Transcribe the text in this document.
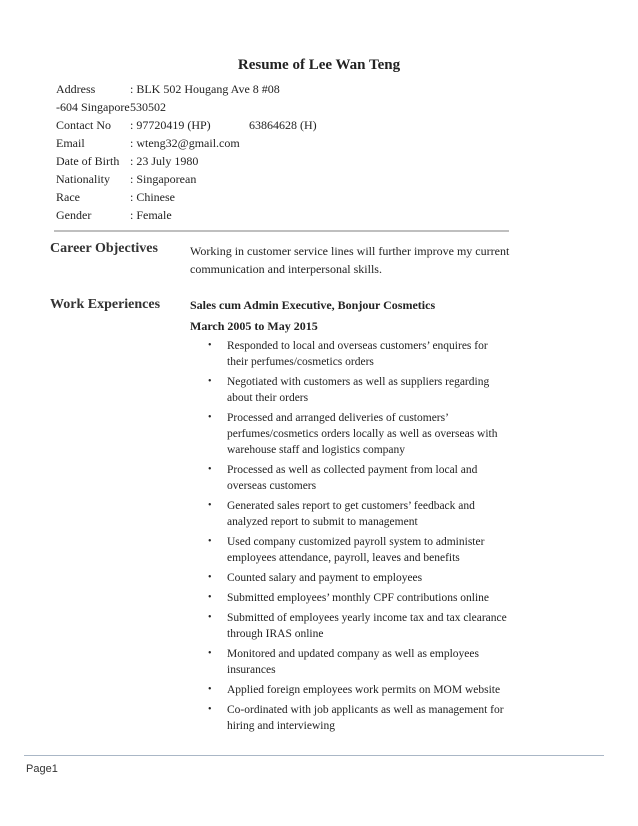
Resume of Lee Wan Teng
Address	: BLK 502 Hougang Ave 8 #08
-604 Singapore 530502
Contact No : 97720419 (HP)	63864628 (H)
Email	: wteng32@gmail.com
Date of Birth : 23 July 1980
Nationality : Singaporean
Race	: Chinese
Gender	: Female
Career Objectives	Working in customer service lines will further improve my current communication and interpersonal skills.
Work Experiences Sales cum Admin Executive, Bonjour Cosmetics
March 2005 to May 2015
• Responded to local and overseas customers’ enquires for their perfumes/cosmetics orders
• Negotiated with customers as well as suppliers regarding about their orders
• Processed and arranged deliveries of customers’ perfumes/cosmetics orders locally as well as overseas with warehouse staff and logistics company
• Processed as well as collected payment from local and overseas customers
• Generated sales report to get customers’ feedback and analyzed report to submit to management
• Used company customized payroll system to administer employees attendance, payroll, leaves and benefits
• Counted salary and payment to employees
• Submitted employees’ monthly CPF contributions online
• Submitted of employees yearly income tax and tax clearance through IRAS online
• Monitored and updated company as well as employees insurances
• Applied foreign employees work permits on MOM website
• Co-ordinated with job applicants as well as management for hiring and interviewing
Page1
